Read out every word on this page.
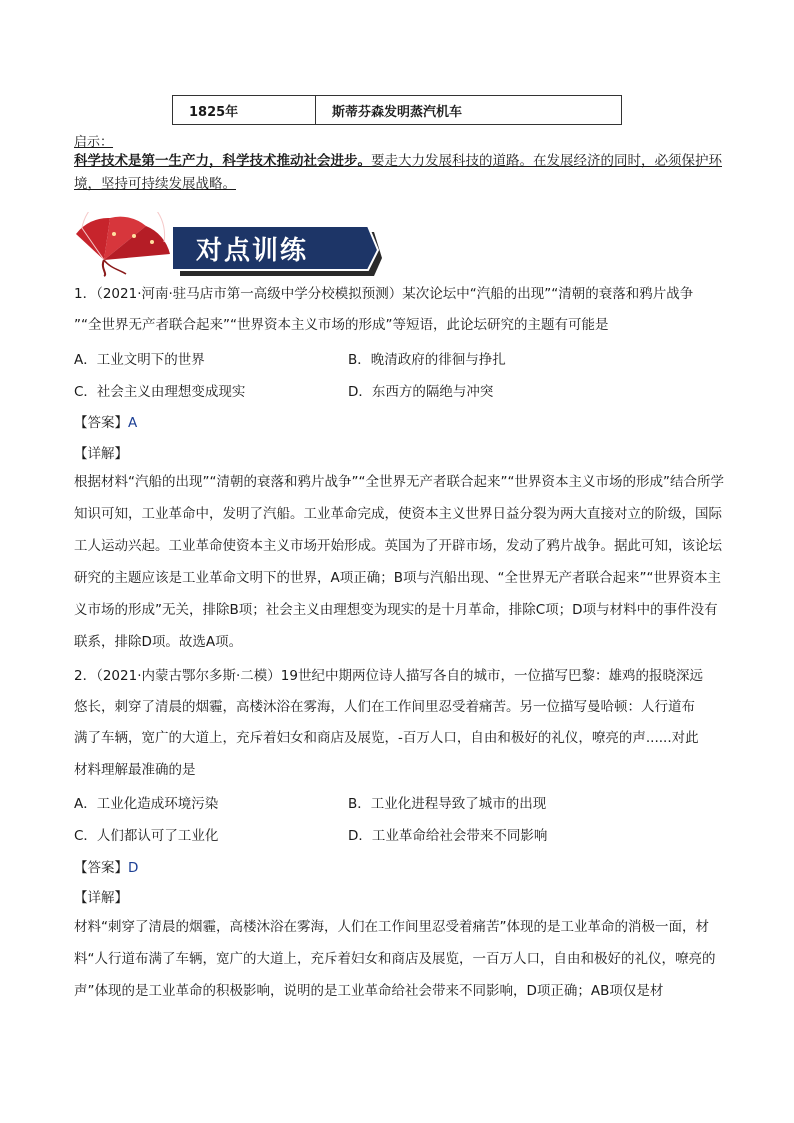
1825年	斯蒂芬森发明蒸汽机车
启示：
科学技术是第一生产力，科学技术推动社会进步。要走大力发展科技的道路。在发展经济的同时，必须保护环境，坚持可持续发展战略。
对点训练
1．（2021·河南·驻马店市第一高级中学分校模拟预测）某次论坛中“汽船的出现”“清朝的衰落和鸦片战争
”“全世界无产者联合起来”“世界资本主义市场的形成”等短语，此论坛研究的主题有可能是
A．工业文明下的世界	B．晚清政府的徘徊与挣扎
C．社会主义由理想变成现实	D．东西方的隔绝与冲突
【答案】A
【详解】
根据材料“汽船的出现”“清朝的衰落和鸦片战争”“全世界无产者联合起来”“世界资本主义市场的形成”结合所学知识可知，工业革命中，发明了汽船。工业革命完成，使资本主义世界日益分裂为两大直接对立的阶级，国际工人运动兴起。工业革命使资本主义市场开始形成。英国为了开辟市场，发动了鸦片战争。据此可知，该论坛研究的主题应该是工业革命文明下的世界，A项正确；B项与汽船出现、“全世界无产者联合起来”“世界资本主义市场的形成”无关，排除B项；社会主义由理想变为现实的是十月革命，排除C项；D项与材料中的事件没有联系，排除D项。故选A项。
2．（2021·内蒙古鄂尔多斯·二模）19世纪中期两位诗人描写各自的城市，一位描写巴黎：雄鸡的报晓深远
悠长，刺穿了清晨的烟霾，高楼沐浴在雾海，人们在工作间里忍受着痛苦。另一位描写曼哈顿：人行道布
满了车辆，宽广的大道上，充斥着妇女和商店及展览，-百万人口，自由和极好的礼仪，嘹亮的声......对此
材料理解最准确的是
A．工业化造成环境污染	B．工业化进程导致了城市的出现
C．人们都认可了工业化	D．工业革命给社会带来不同影响
【答案】D
【详解】
材料“刺穿了清晨的烟霾，高楼沐浴在雾海，人们在工作间里忍受着痛苦”体现的是工业革命的消极一面，材料“人行道布满了车辆，宽广的大道上，充斥着妇女和商店及展览，一百万人口，自由和极好的礼仪，嘹亮的声”体现的是工业革命的积极影响，说明的是工业革命给社会带来不同影响，D项正确；AB项仅是材
